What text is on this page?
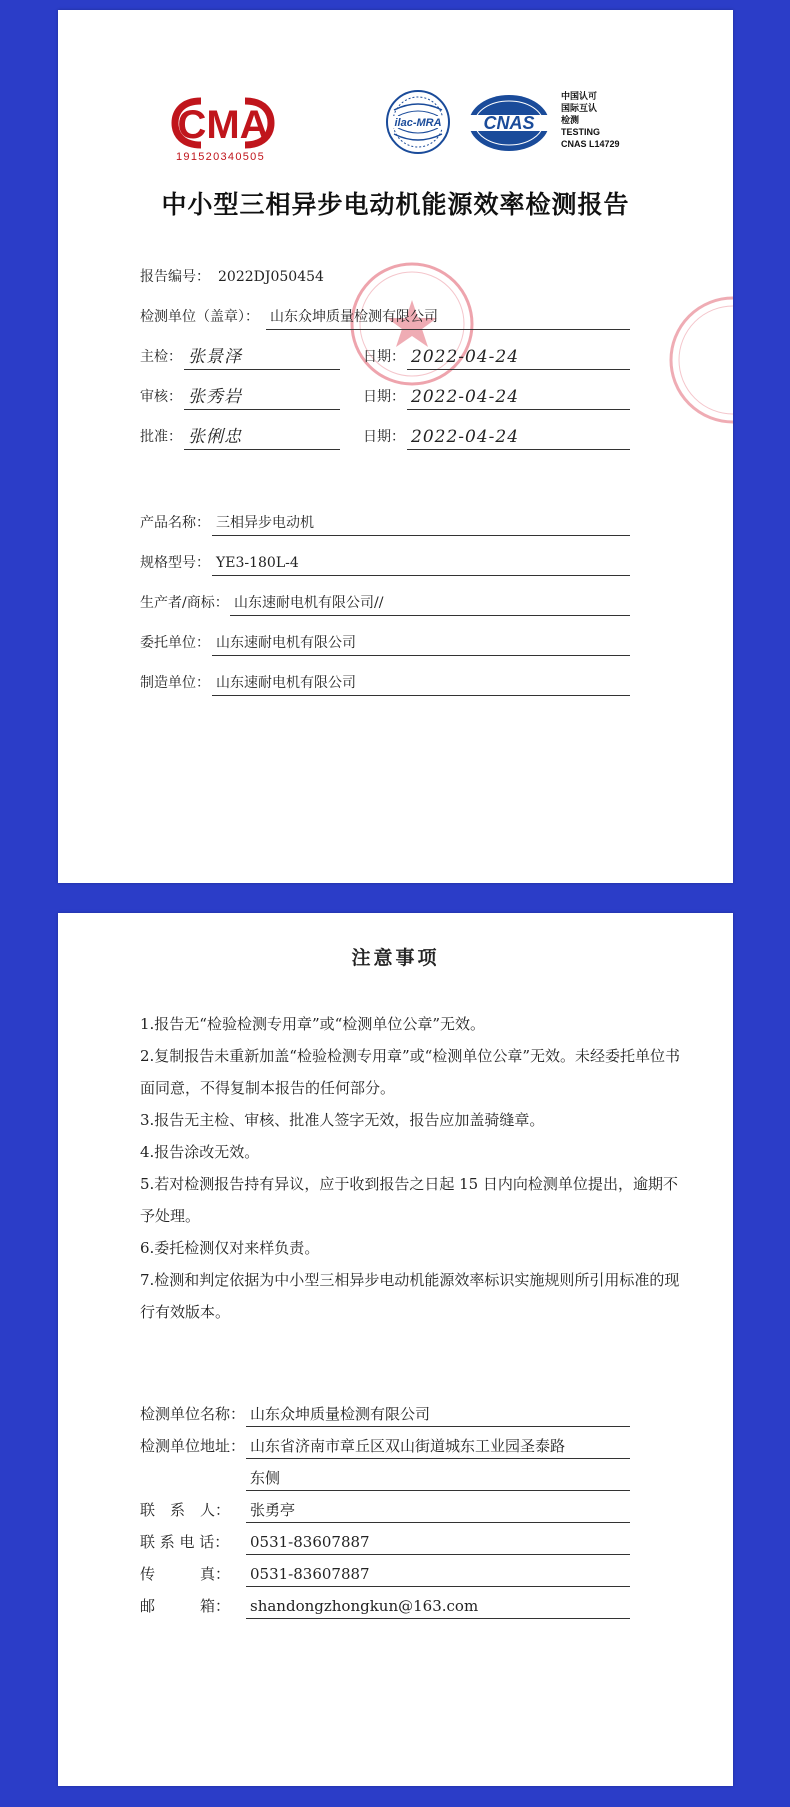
CMA
191520340505
ilac-MRA CNAS
中国认可
国际互认
检测
TESTING
CNAS L14729
中小型三相异步电动机能源效率检测报告
报告编号： 2022DJ050454
检测单位（盖章）： 山东众坤质量检测有限公司
主检： 张景泽	日期： 2022-04-24
审核： 张秀岩	日期： 2022-04-24
批准： 张俐忠	日期： 2022-04-24
产品名称： 三相异步电动机
规格型号： YE3-180L-4
生产者/商标： 山东速耐电机有限公司//
委托单位： 山东速耐电机有限公司
制造单位： 山东速耐电机有限公司
注意事项

1.报告无“检验检测专用章”或“检测单位公章”无效。

2.复制报告未重新加盖“检验检测专用章”或“检测单位公章”无效。未经委托单位书面同意，不得复制本报告的任何部分。

3.报告无主检、审核、批准人签字无效，报告应加盖骑缝章。

4.报告涂改无效。

5.若对检测报告持有异议，应于收到报告之日起 15 日内向检测单位提出，逾期不予处理。

6.委托检测仅对来样负责。

7.检测和判定依据为中小型三相异步电动机能源效率标识实施规则所引用标准的现行有效版本。

检测单位名称： 山东众坤质量检测有限公司
检测单位地址： 山东省济南市章丘区双山街道城东工业园圣泰路
东侧
联　系　人： 张勇亭
联 系 电 话： 0531-83607887
传　　　真： 0531-83607887
邮　　　箱： shandongzhongkun@163.com
